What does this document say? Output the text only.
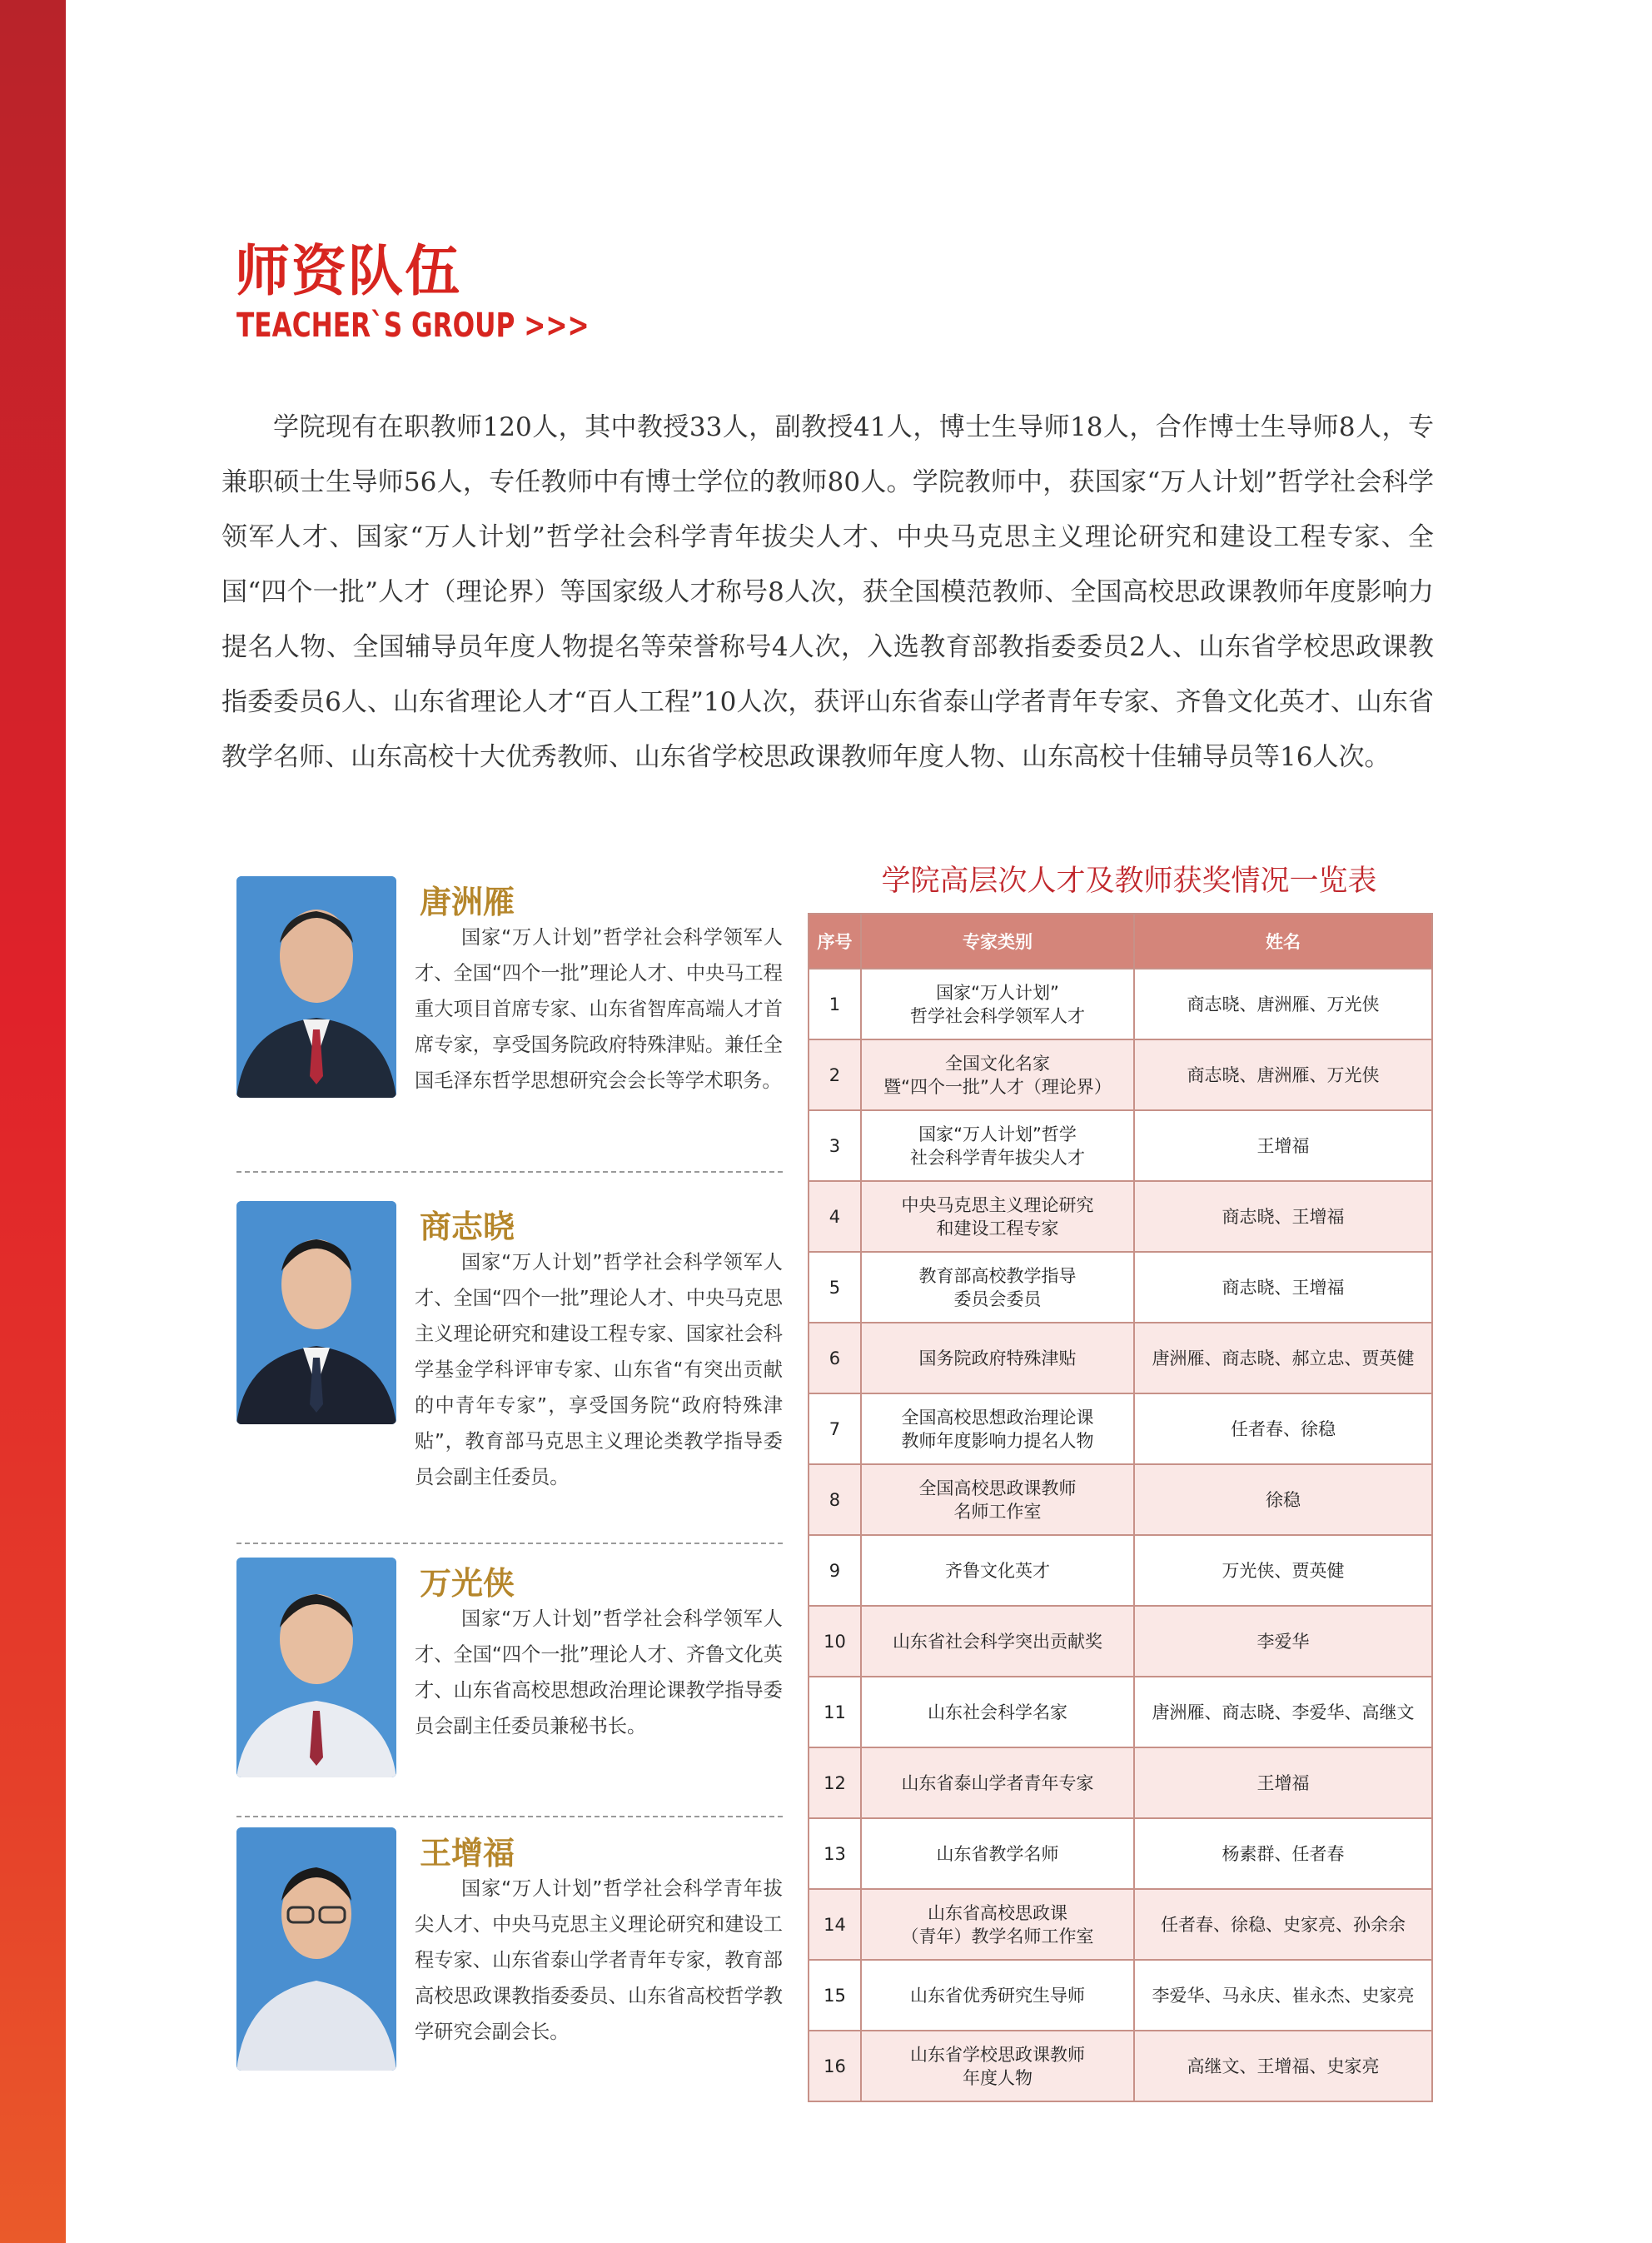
师资队伍
TEACHER`S GROUP >>>

学院现有在职教师120人，其中教授33人，副教授41人，博士生导师18人，合作博士生导师8人，专兼职硕士生导师56人，专任教师中有博士学位的教师80人。学院教师中，获国家“万人计划”哲学社会科学领军人才、国家“万人计划”哲学社会科学青年拔尖人才、中央马克思主义理论研究和建设工程专家、全国“四个一批”人才（理论界）等国家级人才称号8人次，获全国模范教师、全国高校思政课教师年度影响力提名人物、全国辅导员年度人物提名等荣誉称号4人次，入选教育部教指委委员2人、山东省学校思政课教指委委员6人、山东省理论人才“百人工程”10人次，获评山东省泰山学者青年专家、齐鲁文化英才、山东省教学名师、山东高校十大优秀教师、山东省学校思政课教师年度人物、山东高校十佳辅导员等16人次。

唐洲雁
国家“万人计划”哲学社会科学领军人才、全国“四个一批”理论人才、中央马工程重大项目首席专家、山东省智库高端人才首席专家，享受国务院政府特殊津贴。兼任全国毛泽东哲学思想研究会会长等学术职务。
商志晓
国家“万人计划”哲学社会科学领军人才、全国“四个一批”理论人才、中央马克思主义理论研究和建设工程专家、国家社会科学基金学科评审专家、山东省“有突出贡献的中青年专家”，享受国务院“政府特殊津贴”，教育部马克思主义理论类教学指导委员会副主任委员。
万光侠
国家“万人计划”哲学社会科学领军人才、全国“四个一批”理论人才、齐鲁文化英才、山东省高校思想政治理论课教学指导委员会副主任委员兼秘书长。
王增福
国家“万人计划”哲学社会科学青年拔尖人才、中央马克思主义理论研究和建设工程专家、山东省泰山学者青年专家，教育部高校思政课教指委委员、山东省高校哲学教学研究会副会长。
学院高层次人才及教师获奖情况一览表
序号	专家类别	姓名
1	国家“万人计划”
哲学社会科学领军人才	商志晓、唐洲雁、万光侠
2	全国文化名家
暨“四个一批”人才（理论界）	商志晓、唐洲雁、万光侠
3	国家“万人计划”哲学
社会科学青年拔尖人才	王增福
4	中央马克思主义理论研究
和建设工程专家	商志晓、王增福
5	教育部高校教学指导
委员会委员	商志晓、王增福
6	国务院政府特殊津贴	唐洲雁、商志晓、郝立忠、贾英健
7	全国高校思想政治理论课
教师年度影响力提名人物	任者春、徐稳
8	全国高校思政课教师
名师工作室	徐稳
9	齐鲁文化英才	万光侠、贾英健
10	山东省社会科学突出贡献奖	李爱华
11	山东社会科学名家	唐洲雁、商志晓、李爱华、高继文
12	山东省泰山学者青年专家	王增福
13	山东省教学名师	杨素群、任者春
14	山东省高校思政课
（青年）教学名师工作室	任者春、徐稳、史家亮、孙余余
15	山东省优秀研究生导师	李爱华、马永庆、崔永杰、史家亮
16	山东省学校思政课教师
年度人物	高继文、王增福、史家亮
